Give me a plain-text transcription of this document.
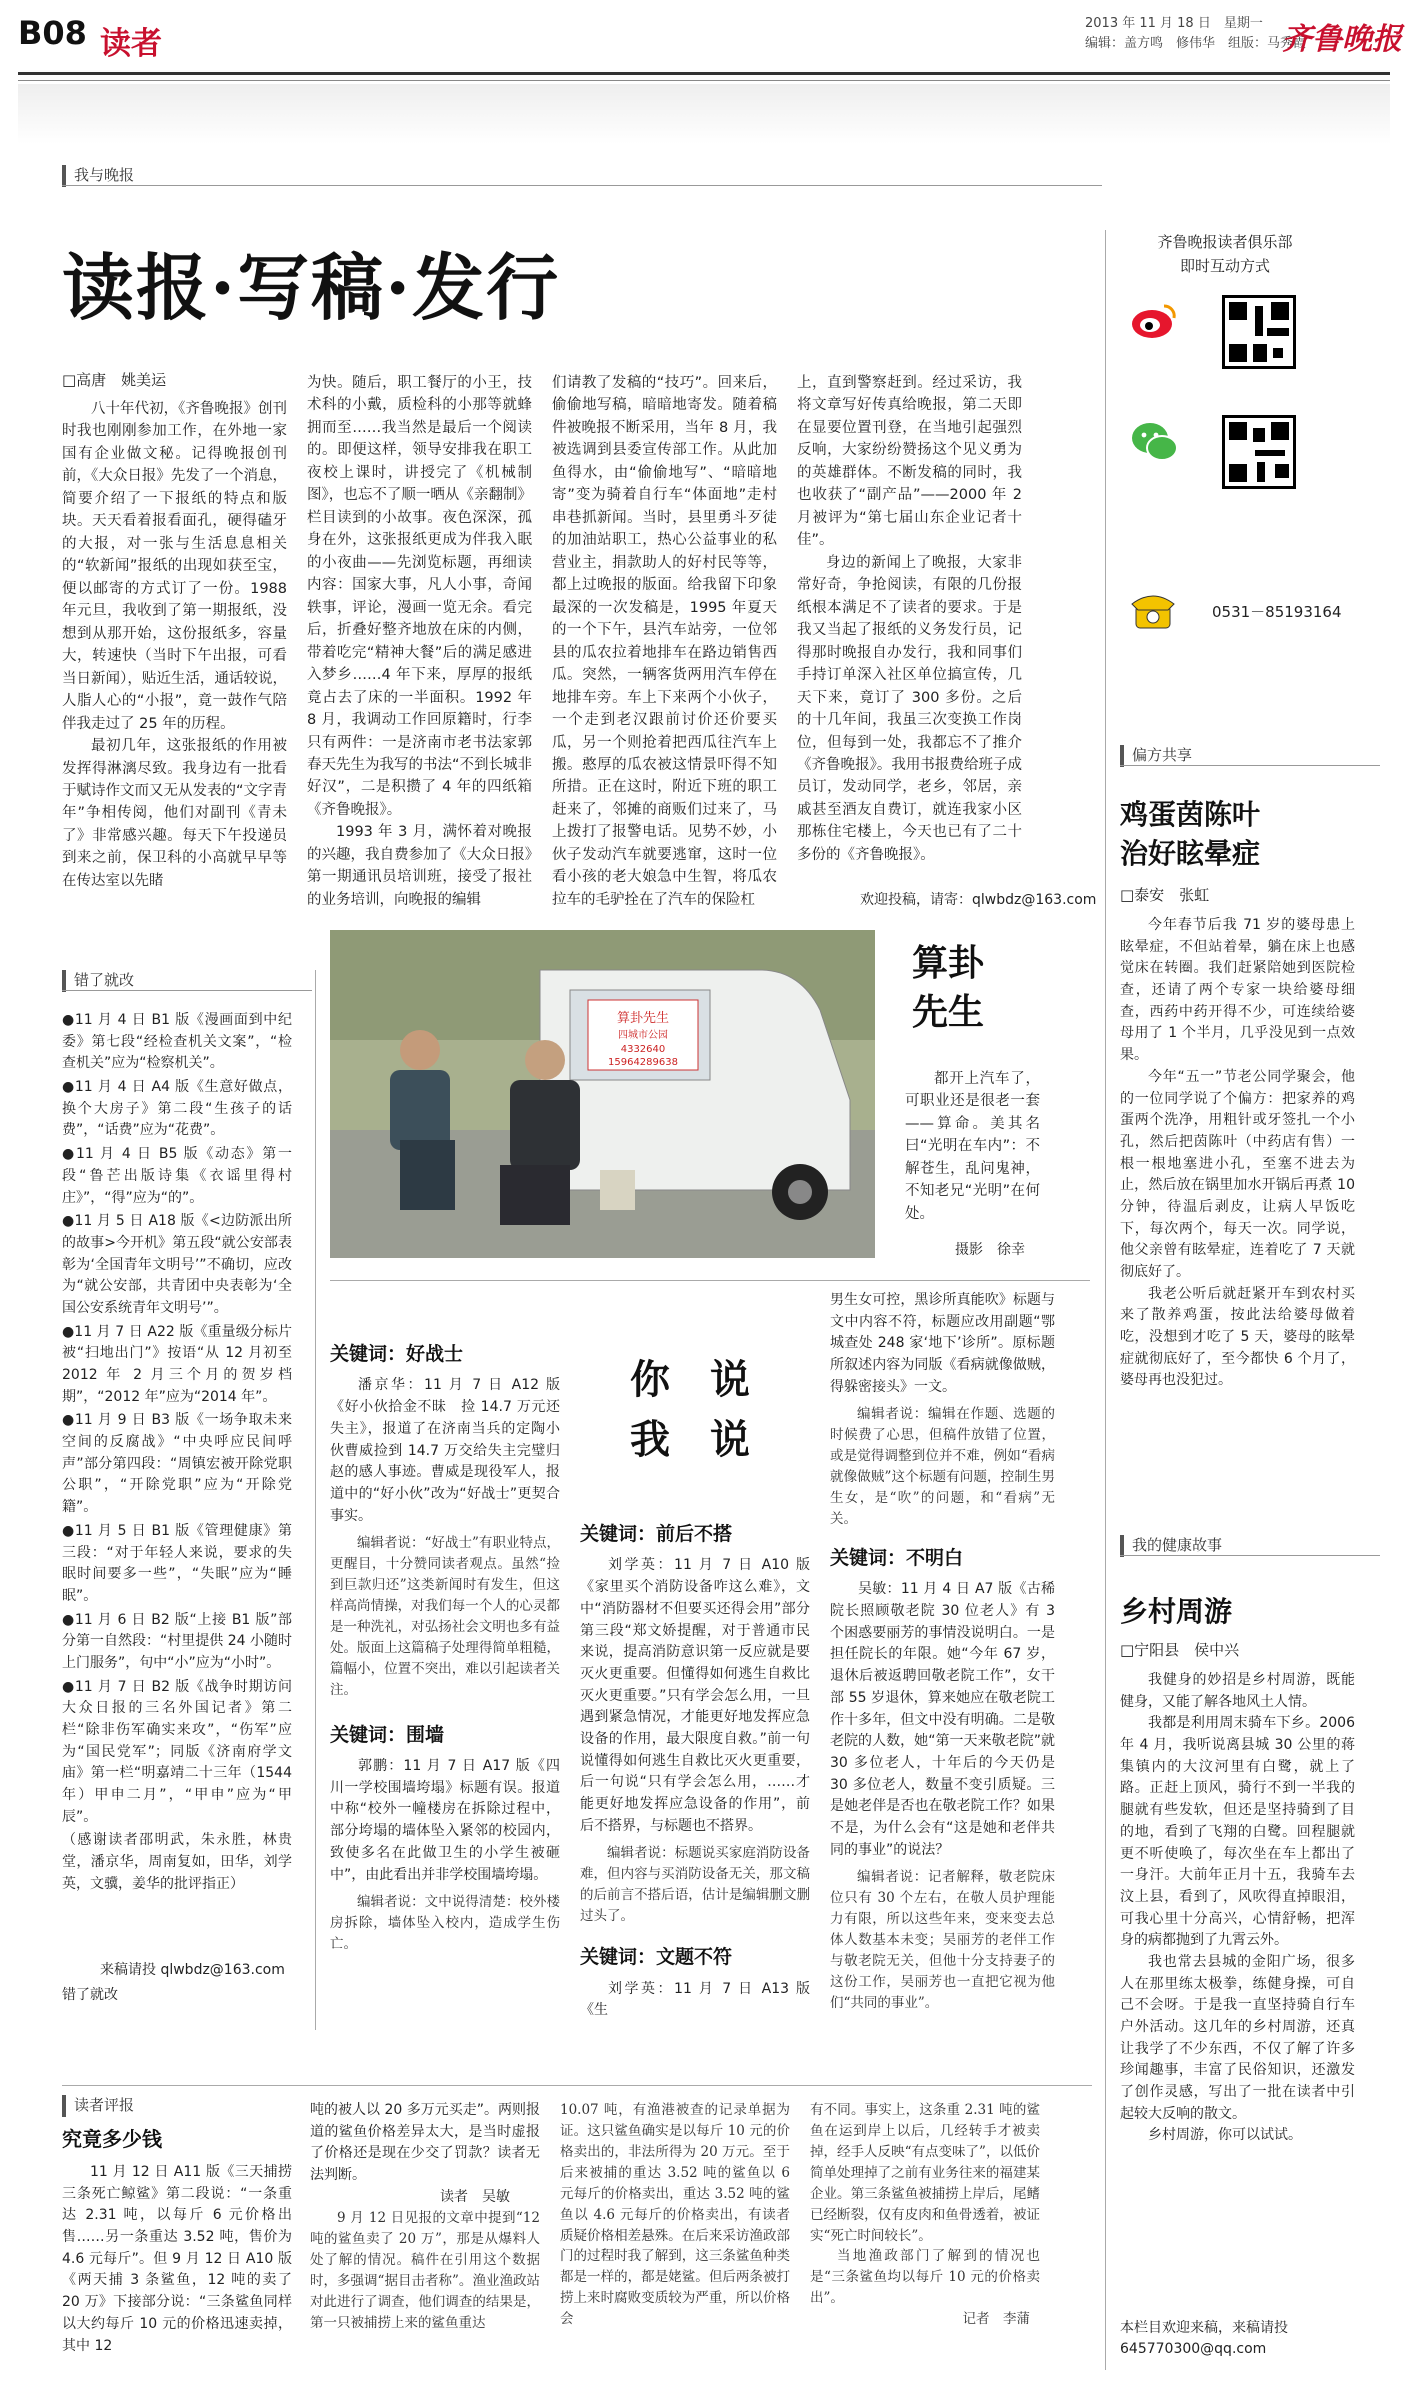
B08 读者
2013 年 11 月 18 日　星期一
编辑：盖方鸣　修伟华　组版：马秀霞
齐鲁晚报
我与晚报
读报·写稿·发行
□高唐　姚美运

八十年代初，《齐鲁晚报》创刊时我也刚刚参加工作，在外地一家国有企业做文秘。记得晚报创刊前，《大众日报》先发了一个消息，简要介绍了一下报纸的特点和版块。天天看着报看面孔，硬得磕牙的大报，对一张与生活息息相关的“软新闻”报纸的出现如获至宝，便以邮寄的方式订了一份。1988 年元旦，我收到了第一期报纸，没想到从那开始，这份报纸多，容量大，转速快（当时下午出报，可看当日新闻），贴近生活，通话较说，人脂人心的“小报”，竟一鼓作气陪伴我走过了 25 年的历程。

最初几年，这张报纸的作用被发挥得淋漓尽致。我身边有一批看于赋诗作文而又无从发表的“文字青年”争相传阅，他们对副刊《青未了》非常感兴趣。每天下午投递员到来之前，保卫科的小高就早早等在传达室以先睹

为快。随后，职工餐厅的小王，技术科的小戴，质检科的小那等就蜂拥而至……我当然是最后一个阅读的。即便这样，领导安排我在职工夜校上课时，讲授完了《机械制图》，也忘不了顺一晒从《亲翻制》栏目读到的小故事。夜色深深，孤身在外，这张报纸更成为伴我入眠的小夜曲——先浏览标题，再细读内容：国家大事，凡人小事，奇闻轶事，评论，漫画一览无余。看完后，折叠好整齐地放在床的内侧，带着吃完“精神大餐”后的满足感进入梦乡……4 年下来，厚厚的报纸竟占去了床的一半面积。1992 年 8 月，我调动工作回原籍时，行李只有两件：一是济南市老书法家郭春天先生为我写的书法“不到长城非好汉”，二是积攒了 4 年的四纸箱《齐鲁晚报》。

1993 年 3 月，满怀着对晚报的兴趣，我自费参加了《大众日报》第一期通讯员培训班，接受了报社的业务培训，向晚报的编辑

们请教了发稿的“技巧”。回来后，偷偷地写稿，暗暗地寄发。随着稿件被晚报不断采用，当年 8 月，我被选调到县委宣传部工作。从此加鱼得水，由“偷偷地写”、“暗暗地寄”变为骑着自行车“体面地”走村串巷抓新闻。当时，县里勇斗歹徒的加油站职工，热心公益事业的私营业主，捐款助人的好村民等等，都上过晚报的版面。给我留下印象最深的一次发稿是，1995 年夏天的一个下午，县汽车站旁，一位邻县的瓜农拉着地排车在路边销售西瓜。突然，一辆客货两用汽车停在地排车旁。车上下来两个小伙子，一个走到老汉跟前讨价还价要买瓜，另一个则抢着把西瓜往汽车上搬。憨厚的瓜农被这情景吓得不知所措。正在这时，附近下班的职工赶来了，邻摊的商贩们过来了，马上拨打了报警电话。见势不妙，小伙子发动汽车就要逃窜，这时一位看小孩的老大娘急中生智，将瓜农拉车的毛驴拴在了汽车的保险杠

上，直到警察赶到。经过采访，我将文章写好传真给晚报，第二天即在显要位置刊登，在当地引起强烈反响，大家纷纷赞扬这个见义勇为的英雄群体。不断发稿的同时，我也收获了“副产品”——2000 年 2 月被评为“第七届山东企业记者十佳”。

身边的新闻上了晚报，大家非常好奇，争抢阅读，有限的几份报纸根本满足不了读者的要求。于是我又当起了报纸的义务发行员，记得那时晚报自办发行，我和同事们手持订单深入社区单位搞宣传，几天下来，竟订了 300 多份。之后的十几年间，我虽三次变换工作岗位，但每到一处，我都忘不了推介《齐鲁晚报》。我用书报费给班子成员订，发动同学，老乡，邻居，亲戚甚至酒友自费订，就连我家小区那栋住宅楼上，今天也已有了二十多份的《齐鲁晚报》。

欢迎投稿，请寄：qlwbdz@163.com
齐鲁晚报读者俱乐部
即时互动方式
0531－85193164
错了就改

●11 月 4 日 B1 版《漫画面到中纪委》第七段“经检查机关文案”，“检查机关”应为“检察机关”。

●11 月 4 日 A4 版《生意好做点，换个大房子》第二段“生孩子的话费”，“话费”应为“花费”。

●11 月 4 日 B5 版《动态》第一段“鲁芒出版诗集《衣谣里得村庄》”，“得”应为“的”。

●11 月 5 日 A18 版《<边防派出所的故事>今开机》第五段“就公安部表彰为‘全国青年文明号’”不确切，应改为“就公安部，共青团中央表彰为‘全国公安系统青年文明号’”。

●11 月 7 日 A22 版《重量级分标片被“扫地出门”》按语“从 12 月初至 2012 年 2 月三个月的贺岁档期”，“2012 年”应为“2014 年”。

●11 月 9 日 B3 版《一场争取未来空间的反腐战》“中央呼应民间呼声”部分第四段：“周镇宏被开除党职公职”，“开除党职”应为“开除党籍”。

●11 月 5 日 B1 版《管理健康》第三段：“对于年轻人来说，要求的失眠时间要多一些”，“失眠”应为“睡眠”。

●11 月 6 日 B2 版“上接 B1 版”部分第一自然段：“村里提供 24 小随时上门服务”，句中“小”应为“小时”。

●11 月 7 日 B2 版《战争时期访问大众日报的三名外国记者》第二栏“除非伤军确实来攻”，“伤军”应为“国民党军”；同版《济南府学文庙》第一栏“明嘉靖二十三年（1544 年）甲申二月”，“甲申”应为“甲辰”。

（感谢读者邵明武，朱永胜，林贵堂，潘京华，周南复如，田华，刘学英，文骥，姜华的批评指正）

来稿请投 qlwbdz@163.com
错了就改
算卦先生
四城市公园
4332640
15964289638
算卦先生

都开上汽车了，可职业还是很老一套——算命。美其名曰“光明在车内”：不解苍生，乱问鬼神，不知老兄“光明”在何处。

摄影　徐幸
你　说
我　说
关键词：好战士

潘京华：11 月 7 日 A12 版《好小伙拾金不昧　捡 14.7 万元还失主》，报道了在济南当兵的定陶小伙曹威捡到 14.7 万交给失主完璧归赵的感人事迹。曹威是现役军人，报道中的“好小伙”改为“好战士”更契合事实。

编辑者说：“好战士”有职业特点，更醒目，十分赞同读者观点。虽然“捡到巨款归还”这类新闻时有发生，但这样高尚情操，对我们每一个人的心灵都是一种洗礼，对弘扬社会文明也多有益处。版面上这篇稿子处理得简单粗糙，篇幅小，位置不突出，难以引起读者关注。

关键词：围墙

郭鹏：11 月 7 日 A17 版《四川一学校围墙垮塌》标题有误。报道中称“校外一幢楼房在拆除过程中，部分垮塌的墙体坠入紧邻的校园内，致使多名在此做卫生的小学生被砸中”，由此看出并非学校围墙垮塌。

编辑者说：文中说得清楚：校外楼房拆除，墙体坠入校内，造成学生伤亡。

关键词：前后不搭

刘学英：11 月 7 日 A10 版《家里买个消防设备咋这么难》，文中“消防器材不但要买还得会用”部分第三段“郑文娇提醒，对于普通市民来说，提高消防意识第一反应就是要灭火更重要。但懂得如何逃生自救比灭火更重要。”只有学会怎么用，一旦遇到紧急情况，才能更好地发挥应急设备的作用，最大限度自救。”前一句说懂得如何逃生自救比灭火更重要，后一句说“只有学会怎么用，……才能更好地发挥应急设备的作用”，前后不搭界，与标题也不搭界。

编辑者说：标题说买家庭消防设备难，但内容与买消防设备无关，那文稿的后前言不搭后语，估计是编辑删文删过头了。

关键词：文题不符

刘学英：11 月 7 日 A13 版《生

男生女可控，黑诊所真能吹》标题与文中内容不符，标题应改用副题“鄂城查处 248 家‘地下’诊所”。原标题所叙述内容为同版《看病就像做贼，得躲密接头》一文。

编辑者说：编辑在作题、选题的时候费了心思，但稿件放错了位置，或是觉得调整到位并不难，例如“看病就像做贼”这个标题有问题，控制生男生女，是“吹”的问题，和“看病”无关。

关键词：不明白

吴敏：11 月 4 日 A7 版《古稀院长照顾敬老院 30 位老人》有 3 个困惑要丽芳的事情没说明白。一是担任院长的年限。她“今年 67 岁，退休后被返聘回敬老院工作”，女干部 55 岁退休，算来她应在敬老院工作十多年，但文中没有明确。二是敬老院的人数，她“第一天来敬老院”就 30 多位老人，十年后的今天仍是 30 多位老人，数量不变引质疑。三是她老伴是否也在敬老院工作？如果不是，为什么会有“这是她和老伴共同的事业”的说法？

编辑者说：记者解释，敬老院床位只有 30 个左右，在敬人员护理能力有限，所以这些年来，变来变去总体人数基本未变；吴丽芳的老伴工作与敬老院无关，但他十分支持妻子的这份工作，吴丽芳也一直把它视为他们“共同的事业”。

读者评报
究竟多少钱

11 月 12 日 A11 版《三天捕捞三条死亡鲸鲨》第二段说：“一条重达 2.31 吨，以每斤 6 元价格出售……另一条重达 3.52 吨，售价为 4.6 元每斤”。但 9 月 12 日 A10 版《两天捕 3 条鲨鱼，12 吨的卖了 20 万》下接部分说：“三条鲨鱼同样以大约每斤 10 元的价格迅速卖掉，其中 12

吨的被人以 20 多万元买走”。两则报道的鲨鱼价格差异太大，是当时虚报了价格还是现在少交了罚款？读者无法判断。

读者　吴敏

9 月 12 日见报的文章中提到“12 吨的鲨鱼卖了 20 万”，那是从爆料人处了解的情况。稿件在引用这个数据时，多强调“据目击者称”。渔业渔政站对此进行了调查，他们调查的结果是，第一只被捕捞上来的鲨鱼重达

10.07 吨，有渔港被查的记录单据为证。这只鲨鱼确实是以每斤 10 元的价格卖出的，非法所得为 20 万元。至于后来被捕的重达 3.52 吨的鲨鱼以 6 元每斤的价格卖出，重达 3.52 吨的鲨鱼以 4.6 元每斤的价格卖出，有读者质疑价格相差悬殊。在后来采访渔政部门的过程时我了解到，这三条鲨鱼种类都是一样的，都是姥鲨。但后两条被打捞上来时腐败变质较为严重，所以价格会

有不同。事实上，这条重 2.31 吨的鲨鱼在运到岸上以后，几经转手才被卖掉，经手人反映“有点变味了”，以低价简单处理掉了之前有业务往来的福建某企业。第三条鲨鱼被捕捞上岸后，尾鳍已经断裂，仅有皮肉和鱼骨透着，被证实“死亡时间较长”。

当地渔政部门了解到的情况也是“三条鲨鱼均以每斤 10 元的价格卖出”。

记者　李蒲

偏方共享
鸡蛋茵陈叶
治好眩晕症
□泰安　张虹

今年春节后我 71 岁的婆母患上眩晕症，不但站着晕，躺在床上也感觉床在转圈。我们赶紧陪她到医院检查，还请了两个专家一块给婆母细查，西药中药开得不少，可连续给婆母用了 1 个半月，几乎没见到一点效果。

今年“五一”节老公同学聚会，他的一位同学说了个偏方：把家养的鸡蛋两个洗净，用粗针或牙签扎一个小孔，然后把茵陈叶（中药店有售）一根一根地塞进小孔，至塞不进去为止，然后放在锅里加水开锅后再煮 10 分钟，待温后剥皮，让病人早饭吃下，每次两个，每天一次。同学说，他父亲曾有眩晕症，连着吃了 7 天就彻底好了。

我老公听后就赶紧开车到农村买来了散养鸡蛋，按此法给婆母做着吃，没想到才吃了 5 天，婆母的眩晕症就彻底好了，至今都快 6 个月了，婆母再也没犯过。

我的健康故事
乡村周游
□宁阳县　侯中兴

我健身的妙招是乡村周游，既能健身，又能了解各地风土人情。

我都是利用周末骑车下乡。2006 年 4 月，我听说离县城 30 公里的蒋集镇内的大汶河里有白鹭，就上了路。正赶上顶风，骑行不到一半我的腿就有些发软，但还是坚持骑到了目的地，看到了飞翔的白鹭。回程腿就更不听使唤了，每次坐在车上都出了一身汗。大前年正月十五，我骑车去汶上县，看到了，风吹得直掉眼泪，可我心里十分高兴，心情舒畅，把浑身的病都抛到了九霄云外。

我也常去县城的金阳广场，很多人在那里练太极拳，练健身操，可自己不会呀。于是我一直坚持骑自行车户外活动。这几年的乡村周游，还真让我学了不少东西，不仅了解了许多珍闻趣事，丰富了民俗知识，还激发了创作灵感，写出了一批在读者中引起较大反响的散文。

乡村周游，你可以试试。

本栏目欢迎来稿，来稿请投 645770300@qq.com
